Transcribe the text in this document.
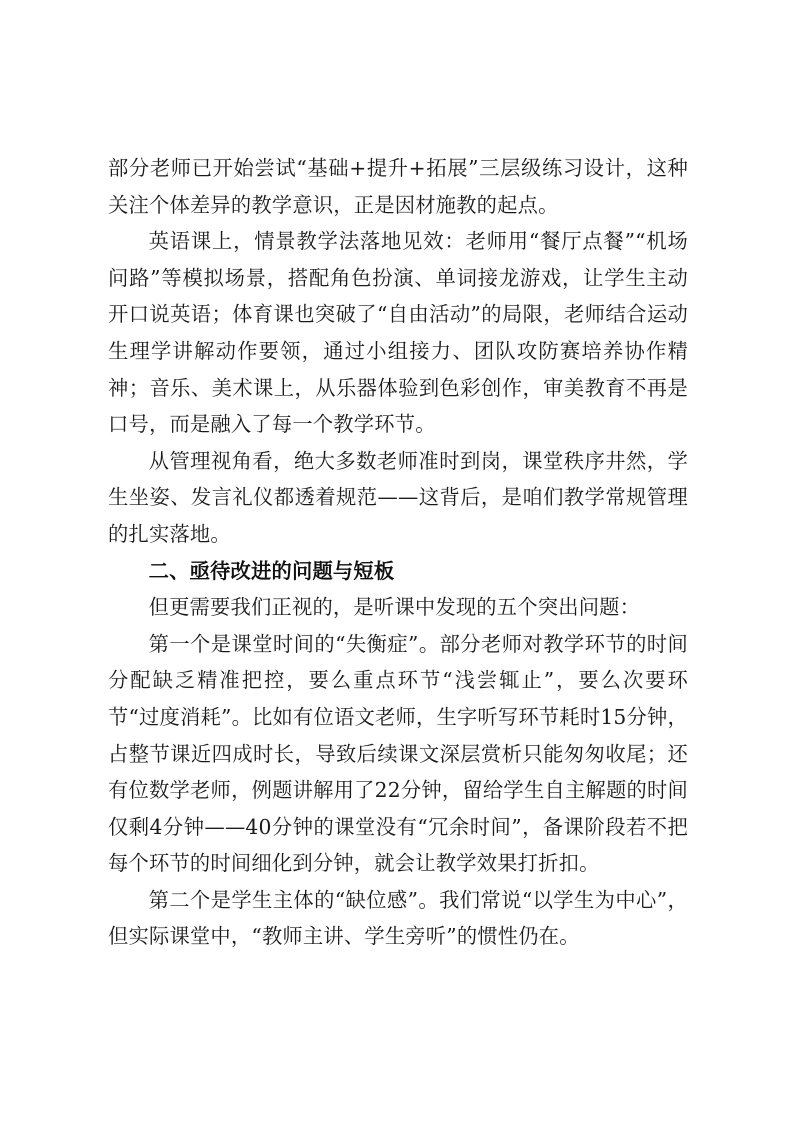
部分老师已开始尝试“基础+提升+拓展”三层级练习设计，这种关注个体差异的教学意识，正是因材施教的起点。

英语课上，情景教学法落地见效：老师用“餐厅点餐”“机场问路”等模拟场景，搭配角色扮演、单词接龙游戏，让学生主动开口说英语；体育课也突破了“自由活动”的局限，老师结合运动生理学讲解动作要领，通过小组接力、团队攻防赛培养协作精神；音乐、美术课上，从乐器体验到色彩创作，审美教育不再是口号，而是融入了每一个教学环节。

从管理视角看，绝大多数老师准时到岗，课堂秩序井然，学生坐姿、发言礼仪都透着规范——这背后，是咱们教学常规管理的扎实落地。

二、亟待改进的问题与短板

但更需要我们正视的，是听课中发现的五个突出问题：

第一个是课堂时间的“失衡症”。部分老师对教学环节的时间分配缺乏精准把控，要么重点环节“浅尝辄止”，要么次要环节“过度消耗”。比如有位语文老师，生字听写环节耗时15分钟，占整节课近四成时长，导致后续课文深层赏析只能匆匆收尾；还有位数学老师，例题讲解用了22分钟，留给学生自主解题的时间仅剩4分钟——40分钟的课堂没有“冗余时间”，备课阶段若不把每个环节的时间细化到分钟，就会让教学效果打折扣。

第二个是学生主体的“缺位感”。我们常说“以学生为中心”，但实际课堂中，“教师主讲、学生旁听”的惯性仍在。
